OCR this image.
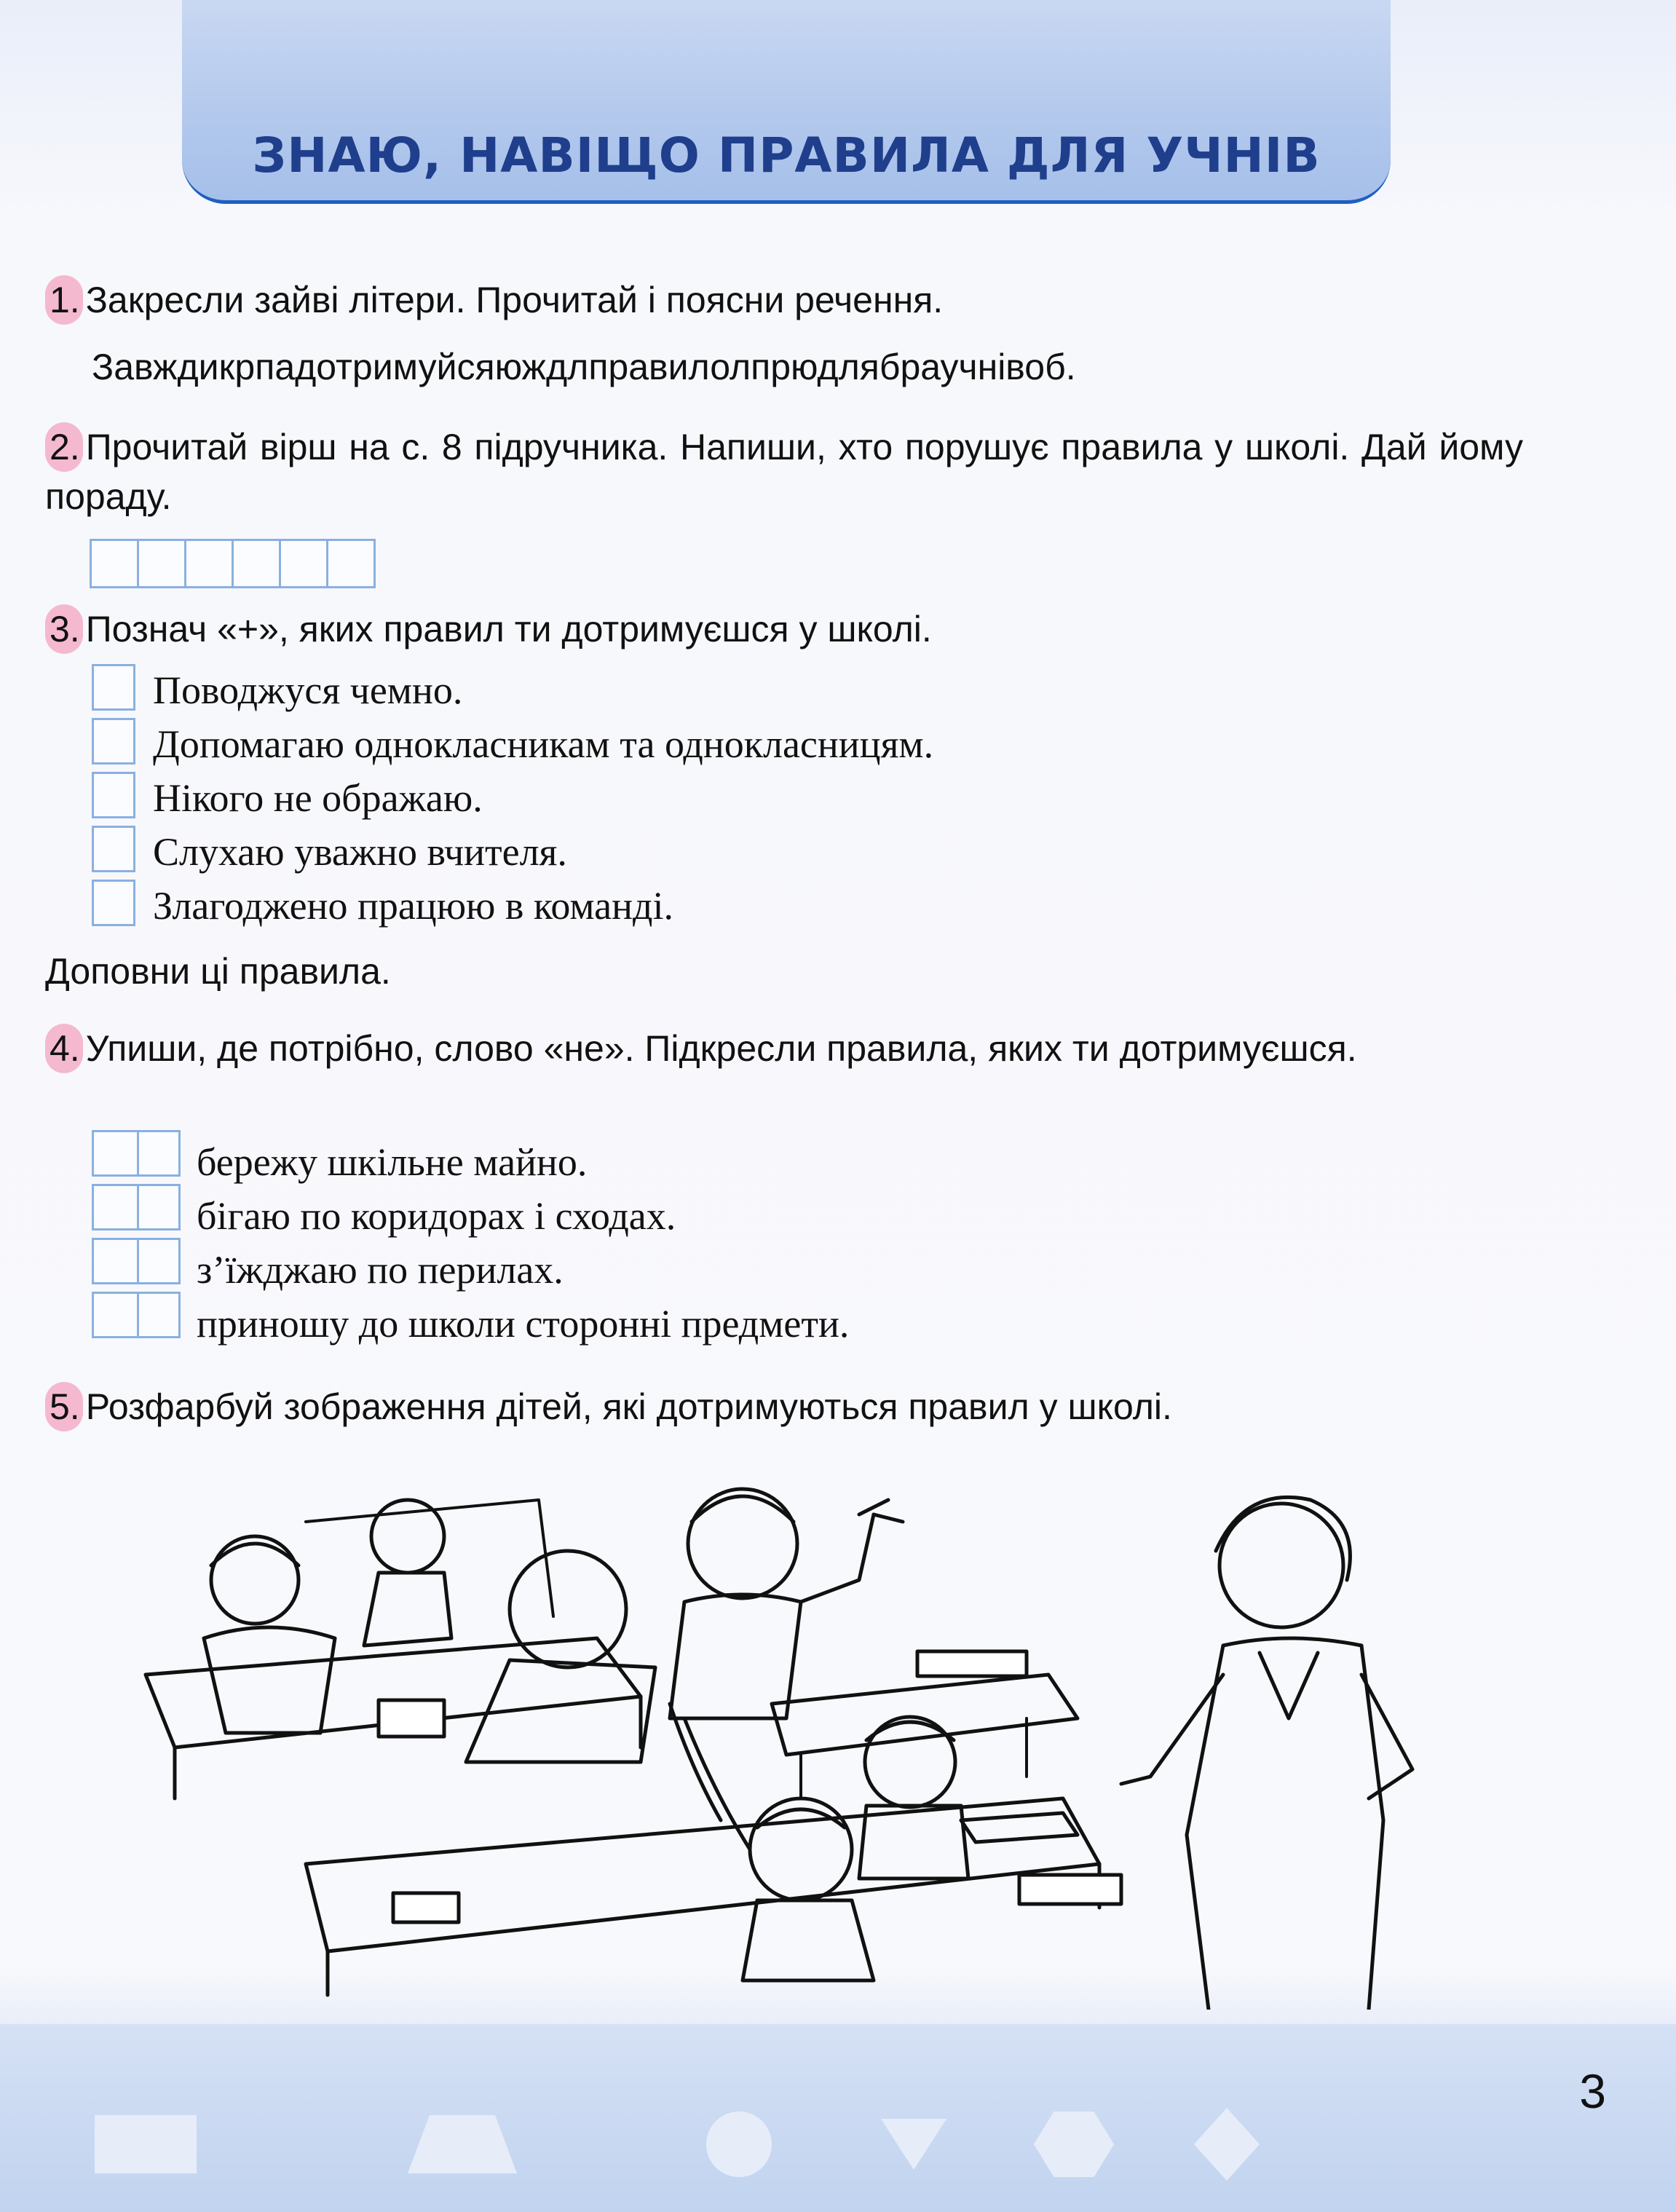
ЗНАЮ, НАВІЩО ПРАВИЛА ДЛЯ УЧНІВ
1. Закресли зайві літери. Прочитай і поясни речення.
Завждикрпадотримуйсяюждлправилолпрюдлябраучнівоб.
2. Прочитай вірш на с. 8 підручника. Напиши, хто порушує правила у школі. Дай йому пораду.
3. Познач «+», яких правил ти дотримуєшся у школі.
Поводжуся чемно.
Допомагаю однокласникам та однокласницям.
Нікого не ображаю.
Слухаю уважно вчителя.
Злагоджено працюю в команді.
Доповни ці правила.
4. Упиши, де потрібно, слово «не». Підкресли правила, яких ти дотримуєшся.
бережу шкільне майно.
бігаю по коридорах і сходах.
з’їжджаю по перилах.
приношу до школи сторонні предмети.
5. Розфарбуй зображення дітей, які дотримуються правил у школі.
3
